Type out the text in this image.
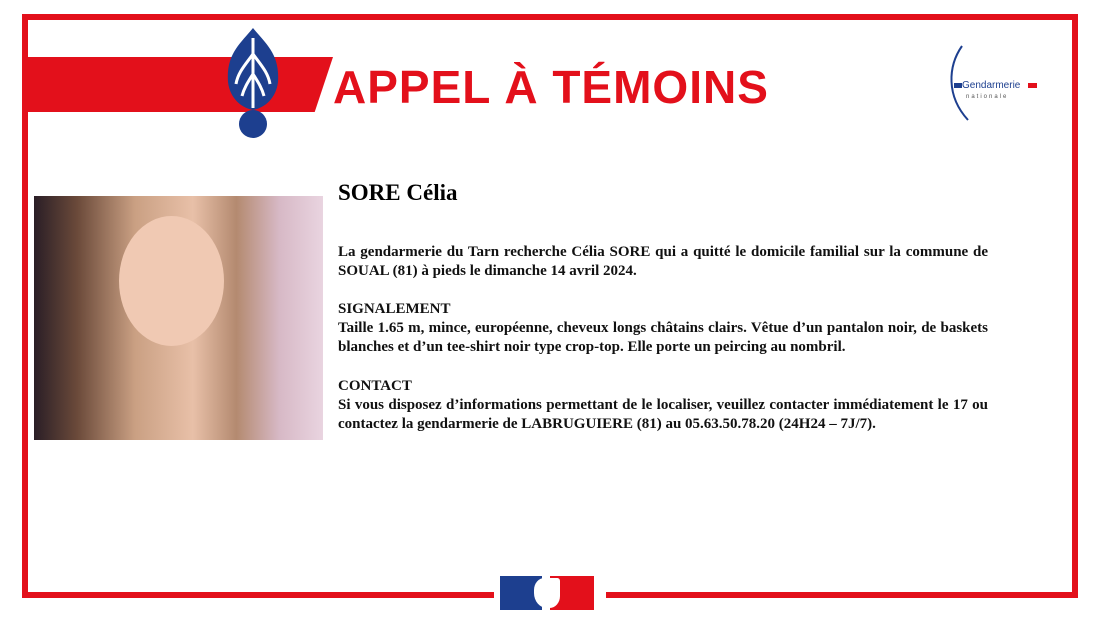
APPEL À TÉMOINS	Gendarmerie
nationale
SORE Célia
La gendarmerie du Tarn recherche Célia SORE qui a quitté le domicile familial sur la commune de SOUAL (81) à pieds le dimanche 14 avril 2024.
SIGNALEMENT
Taille 1.65 m, mince, européenne, cheveux longs châtains clairs. Vêtue d’un pantalon noir, de baskets blanches et d’un tee-shirt noir type crop-top. Elle porte un peircing au nombril.
CONTACT
Si vous disposez d’informations permettant de le localiser, veuillez contacter immédiatement le 17 ou contactez la gendarmerie de LABRUGUIERE (81) au 05.63.50.78.20 (24H24 – 7J/7).
